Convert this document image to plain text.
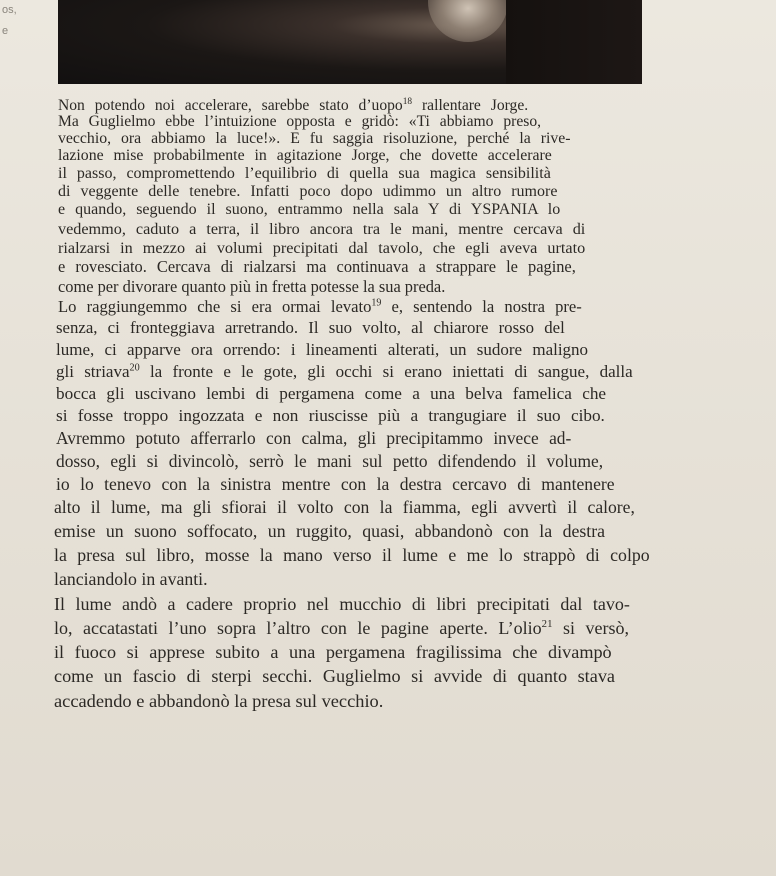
os,
e
Non potendo noi accelerare, sarebbe stato d’uopo$^{18}$ rallentare Jorge.
Ma Guglielmo ebbe l’intuizione opposta e gridò: «Ti abbiamo preso,
vecchio, ora abbiamo la luce!». E fu saggia risoluzione, perché la rive-
lazione mise probabilmente in agitazione Jorge, che dovette accelerare
il passo, compromettendo l’equilibrio di quella sua magica sensibilità
di veggente delle tenebre. Infatti poco dopo udimmo un altro rumore
e quando, seguendo il suono, entrammo nella sala Y di YSPANIA lo
vedemmo, caduto a terra, il libro ancora tra le mani, mentre cercava di
rialzarsi in mezzo ai volumi precipitati dal tavolo, che egli aveva urtato
e rovesciato. Cercava di rialzarsi ma continuava a strappare le pagine,
come per divorare quanto più in fretta potesse la sua preda.
Lo raggiungemmo che si era ormai levato$^{19}$ e, sentendo la nostra pre-
senza, ci fronteggiava arretrando. Il suo volto, al chiarore rosso del
lume, ci apparve ora orrendo: i lineamenti alterati, un sudore maligno
gli striava$^{20}$ la fronte e le gote, gli occhi si erano iniettati di sangue, dalla
bocca gli uscivano lembi di pergamena come a una belva famelica che
si fosse troppo ingozzata e non riuscisse più a trangugiare il suo cibo.
Avremmo potuto afferrarlo con calma, gli precipitammo invece ad-
dosso, egli si divincolò, serrò le mani sul petto difendendo il volume,
io lo tenevo con la sinistra mentre con la destra cercavo di mantenere
alto il lume, ma gli sfiorai il volto con la fiamma, egli avvertì il calore,
emise un suono soffocato, un ruggito, quasi, abbandonò con la destra
la presa sul libro, mosse la mano verso il lume e me lo strappò di colpo
lanciandolo in avanti.
Il lume andò a cadere proprio nel mucchio di libri precipitati dal tavo-
lo, accatastati l’uno sopra l’altro con le pagine aperte. L’olio$^{21}$ si versò,
il fuoco si apprese subito a una pergamena fragilissima che divampò
come un fascio di sterpi secchi. Guglielmo si avvide di quanto stava
accadendo e abbandonò la presa sul vecchio.
